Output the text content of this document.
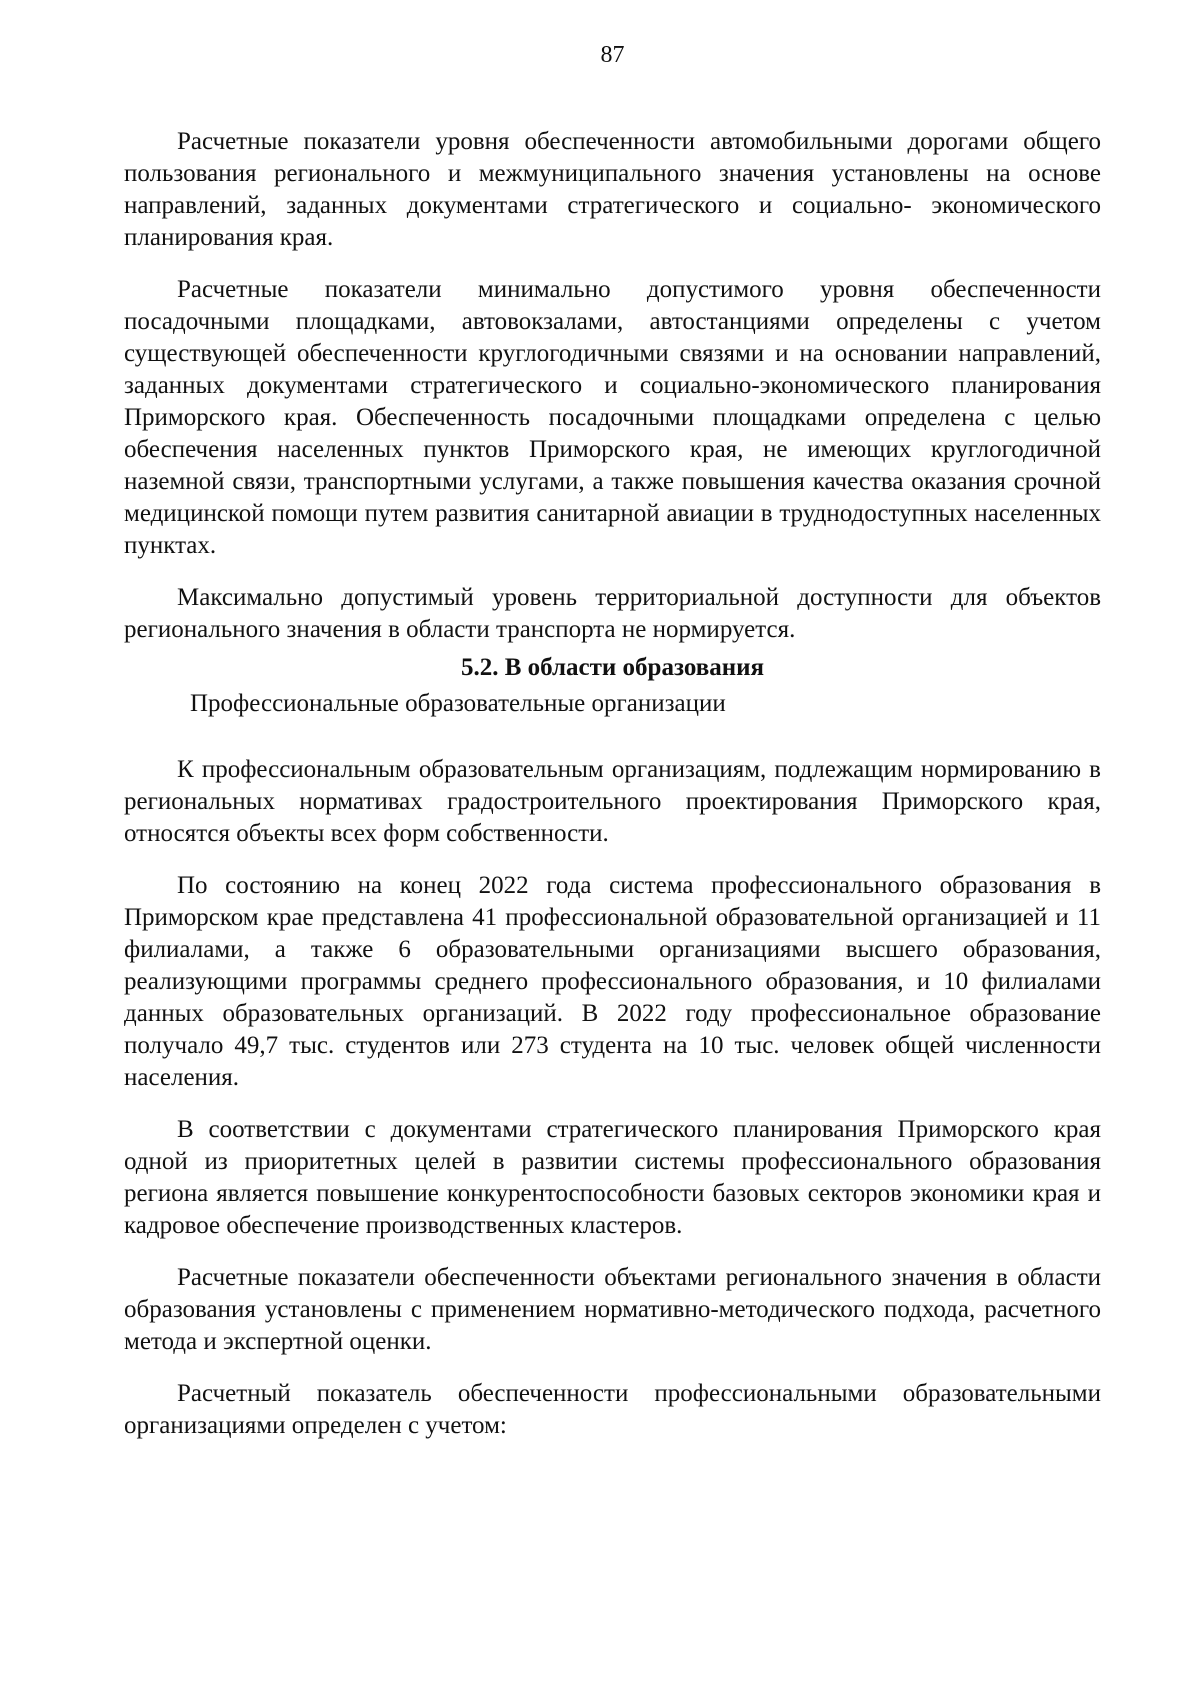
87

Расчетные показатели уровня обеспеченности автомобильными дорогами общего пользования регионального и межмуниципального значения установлены на основе направлений, заданных документами стратегического и социально- экономического планирования края.

Расчетные показатели минимально допустимого уровня обеспеченности посадочными площадками, автовокзалами, автостанциями определены с учетом существующей обеспеченности круглогодичными связями и на основании направлений, заданных документами стратегического и социально-экономического планирования Приморского края. Обеспеченность посадочными площадками определена с целью обеспечения населенных пунктов Приморского края, не имеющих круглогодичной наземной связи, транспортными услугами, а также повышения качества оказания срочной медицинской помощи путем развития санитарной авиации в труднодоступных населенных пунктах.

Максимально допустимый уровень территориальной доступности для объектов регионального значения в области транспорта не нормируется.

5.2. В области образования
Профессиональные образовательные организации

К профессиональным образовательным организациям, подлежащим нормированию в региональных нормативах градостроительного проектирования Приморского края, относятся объекты всех форм собственности.

По состоянию на конец 2022 года система профессионального образования в Приморском крае представлена 41 профессиональной образовательной организацией и 11 филиалами, а также 6 образовательными организациями высшего образования, реализующими программы среднего профессионального образования, и 10 филиалами данных образовательных организаций. В 2022 году профессиональное образование получало 49,7 тыс. студентов или 273 студента на 10 тыс. человек общей численности населения.

В соответствии с документами стратегического планирования Приморского края одной из приоритетных целей в развитии системы профессионального образования региона является повышение конкурентоспособности базовых секторов экономики края и кадровое обеспечение производственных кластеров.

Расчетные показатели обеспеченности объектами регионального значения в области образования установлены с применением нормативно-методического подхода, расчетного метода и экспертной оценки.

Расчетный показатель обеспеченности профессиональными образовательными организациями определен с учетом:
